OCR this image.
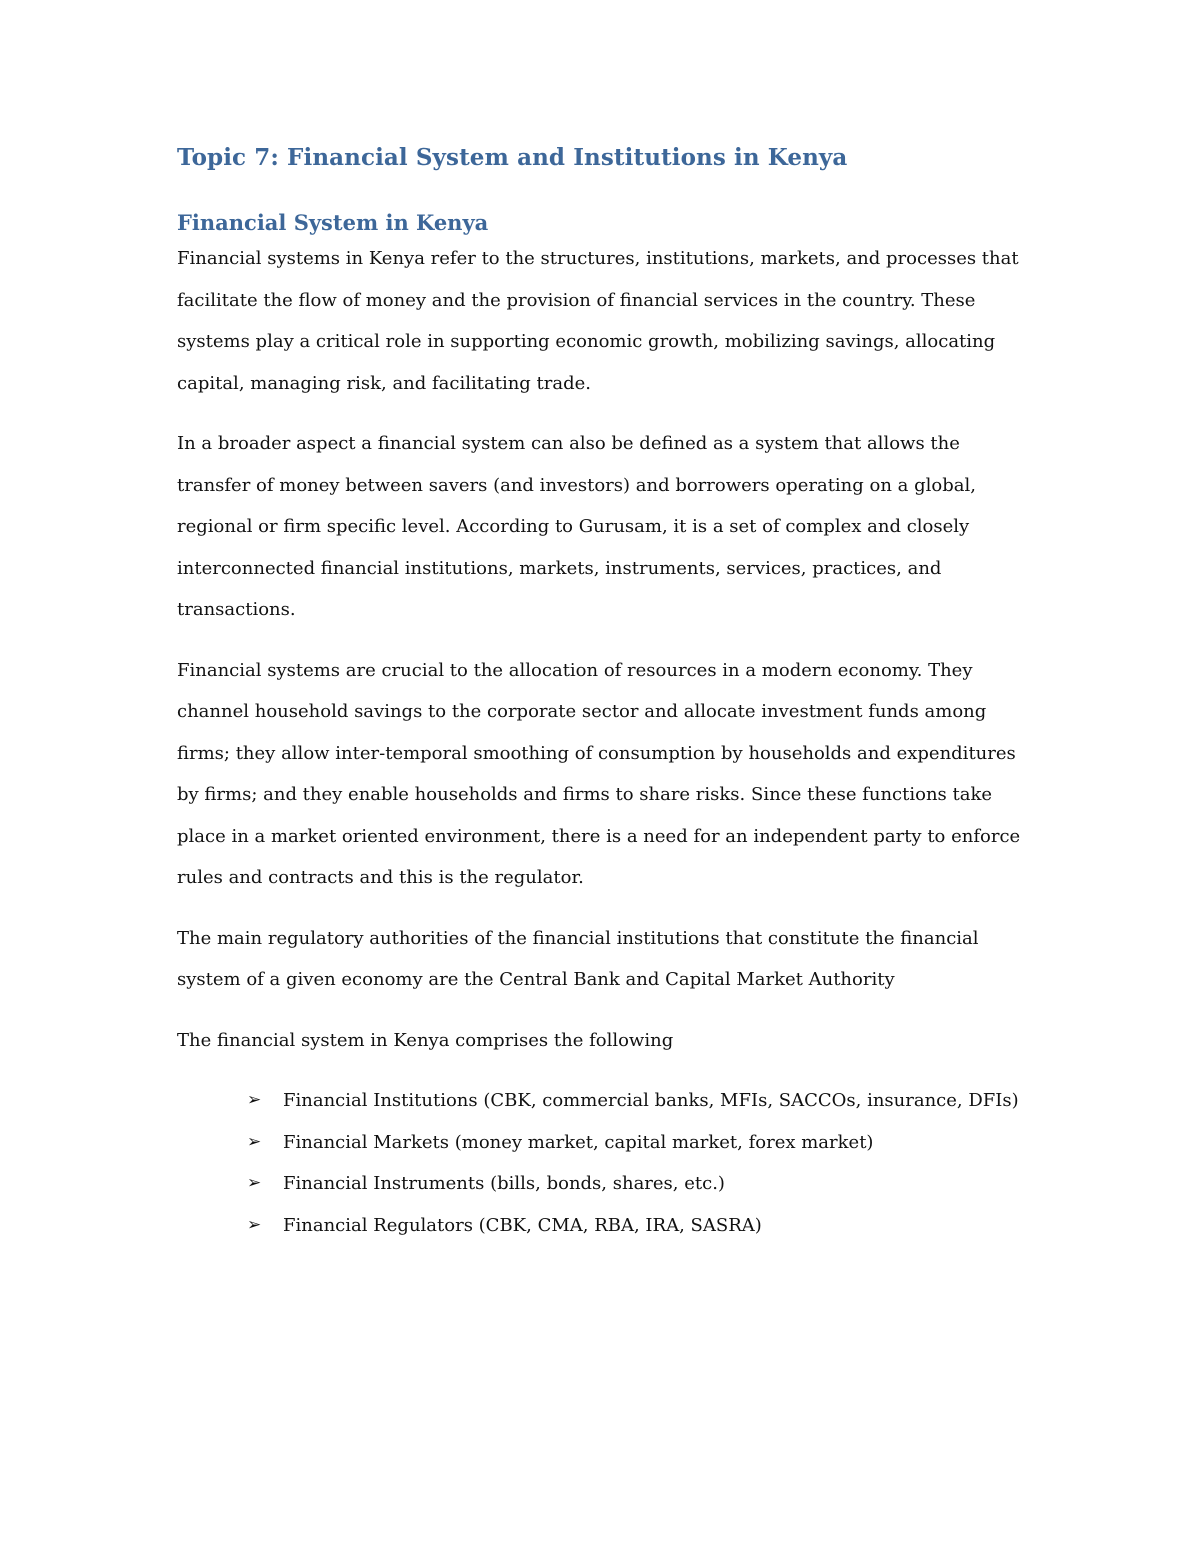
Topic 7: Financial System and Institutions in Kenya
Financial System in Kenya

Financial systems in Kenya refer to the structures, institutions, markets, and processes that facilitate the flow of money and the provision of financial services in the country. These systems play a critical role in supporting economic growth, mobilizing savings, allocating capital, managing risk, and facilitating trade.

In a broader aspect a financial system can also be defined as a system that allows the transfer of money between savers (and investors) and borrowers operating on a global, regional or firm specific level. According to Gurusam, it is a set of complex and closely interconnected financial institutions, markets, instruments, services, practices, and transactions.

Financial systems are crucial to the allocation of resources in a modern economy. They channel household savings to the corporate sector and allocate investment funds among firms; they allow inter-temporal smoothing of consumption by households and expenditures by firms; and they enable households and firms to share risks. Since these functions take place in a market oriented environment, there is a need for an independent party to enforce rules and contracts and this is the regulator.

The main regulatory authorities of the financial institutions that constitute the financial system of a given economy are the Central Bank and Capital Market Authority

The financial system in Kenya comprises the following

➢ Financial Institutions (CBK, commercial banks, MFIs, SACCOs, insurance, DFIs)
➢ Financial Markets (money market, capital market, forex market)
➢ Financial Instruments (bills, bonds, shares, etc.)
➢ Financial Regulators (CBK, CMA, RBA, IRA, SASRA)
